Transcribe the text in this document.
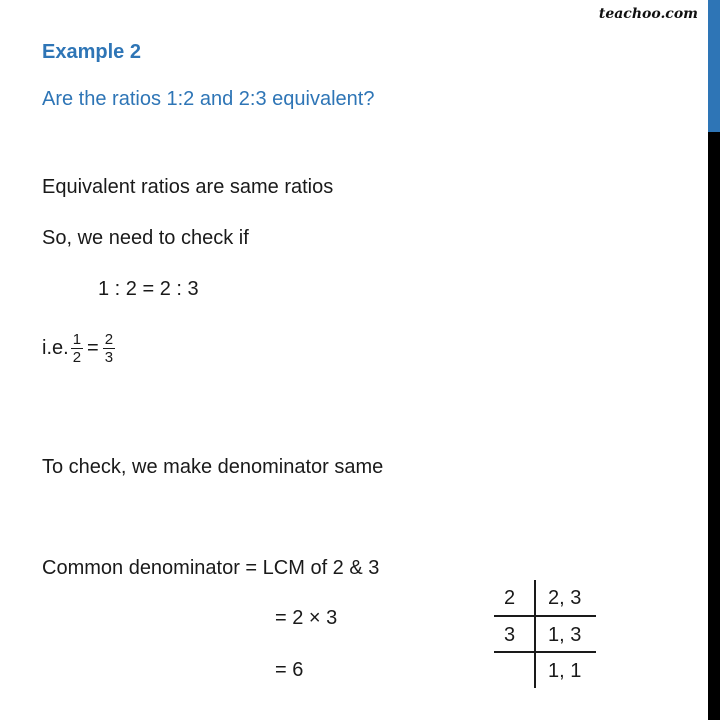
teachoo.com
Example 2
Are the ratios 1:2 and 2:3 equivalent?
Equivalent ratios are same ratios
So, we need to check if
1 : 2 = 2 : 3
i.e. $\frac{1}{2} = \frac{2}{3}$
To check, we make denominator same
Common denominator = LCM of 2 & 3
= 2 × 3
= 6
2 2, 3
3 1, 3
1, 1
